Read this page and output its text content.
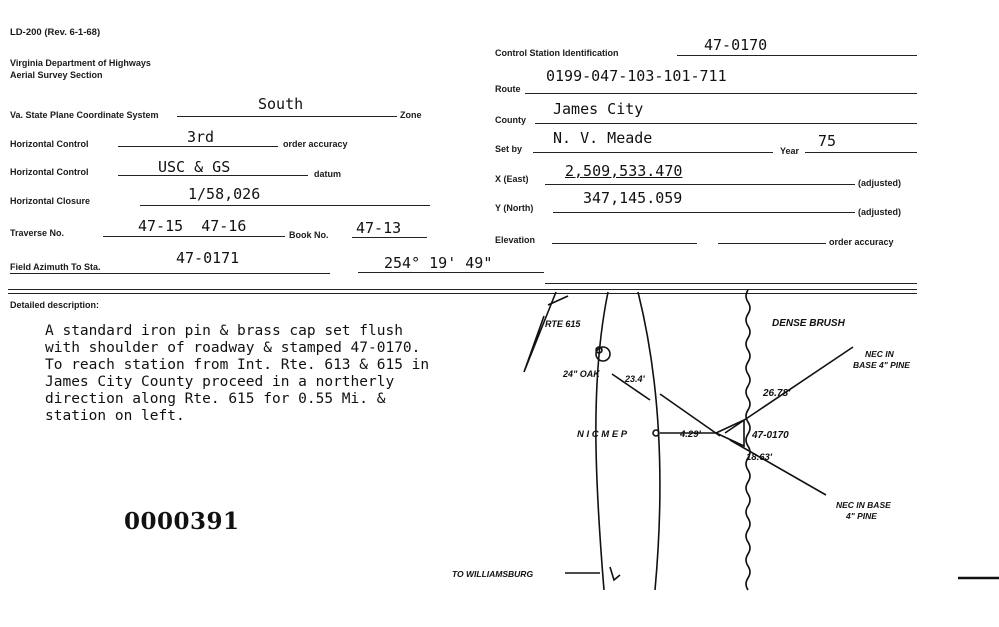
LD-200 (Rev. 6-1-68)
Virginia Department of Highways
Aerial Survey Section
Va. State Plane Coordinate System
South
Zone
Horizontal Control	3rd	order accuracy
Horizontal Control	USC & GS	datum
Horizontal Closure	1/58,026
Traverse No.	47-15  47-16	Book No. 47-13
Field Azimuth To Sta.	47-0171	254° 19' 49"
Control Station Identification	47-0170
Route
0199-047-103-101-711
County
James City
Set by
N. V. Meade
Year
75
X (East) 2,509,533.470
(adjusted)
Y (North)
347,145.059
(adjusted)
Elevation	order accuracy
Detailed description:
A standard iron pin & brass cap set flush
with shoulder of roadway & stamped 47-0170.
To reach station from Int. Rte. 613 & 615 in
James City County proceed in a northerly
direction along Rte. 615 for 0.55 Mi. &
station on left.
0000391
RTE 615	DENSE BRUSH
24" OAK	23.4'
NEC IN
BASE 4" PINE
26.78'
N I C M E P	4.29'	47-0170
18.63'
NEC IN BASE
4" PINE
TO WILLIAMSBURG
